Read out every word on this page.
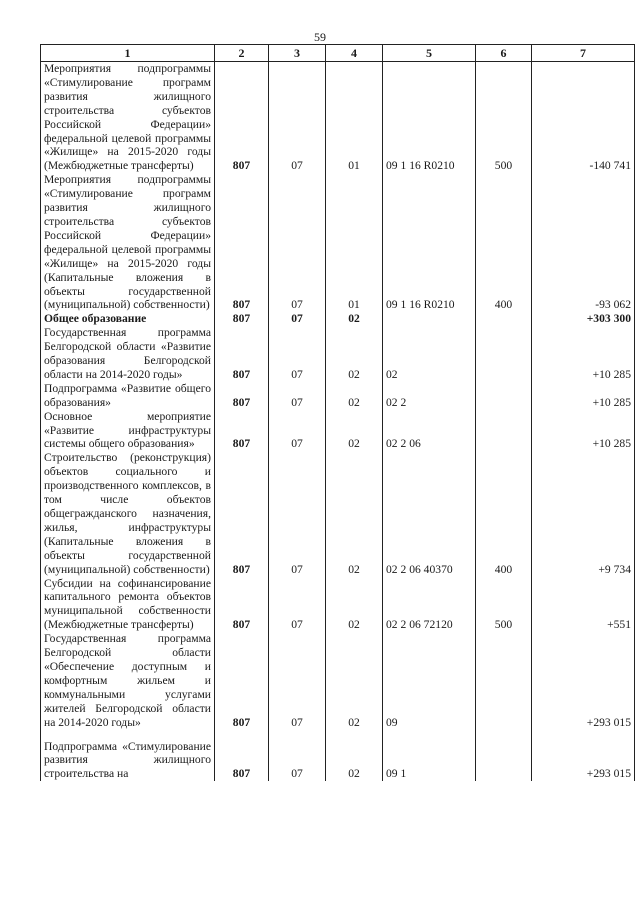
59
1	2	3	4	5	6	7
Мероприятия подпрограммы «Стимулирование программ развития жилищного строительства субъектов Российской Федерации» федеральной целевой программы «Жилище» на 2015-2020 годы (Межбюджетные трансферты)	807	07	01	09 1 16 R0210	500	-140 741
Мероприятия подпрограммы «Стимулирование программ развития жилищного строительства субъектов Российской Федерации» федеральной целевой программы «Жилище» на 2015-2020 годы (Капитальные вложения в объекты государственной (муниципальной) собственности)	807	07	01	09 1 16 R0210	400	-93 062
Общее образование	807	07	02			+303 300
Государственная программа Белгородской области «Развитие образования Белгородской области на 2014-2020 годы»	807	07	02	02		+10 285
Подпрограмма «Развитие общего образования»	807	07	02	02 2		+10 285
Основное мероприятие «Развитие инфраструктуры системы общего образования»	807	07	02	02 2 06		+10 285
Строительство (реконструкция) объектов социального и производственного комплексов, в том числе объектов общегражданского назначения, жилья, инфраструктуры (Капитальные вложения в объекты государственной (муниципальной) собственности)	807	07	02	02 2 06 40370	400	+9 734
Субсидии на софинансирование капитального ремонта объектов муниципальной собственности (Межбюджетные трансферты)	807	07	02	02 2 06 72120	500	+551
Государственная программа Белгородской области «Обеспечение доступным и комфортным жильем и коммунальными услугами жителей Белгородской области на 2014-2020 годы»	807	07	02	09		+293 015

Подпрограмма «Стимулирование развития жилищного строительства на	807	07	02	09 1		+293 015
